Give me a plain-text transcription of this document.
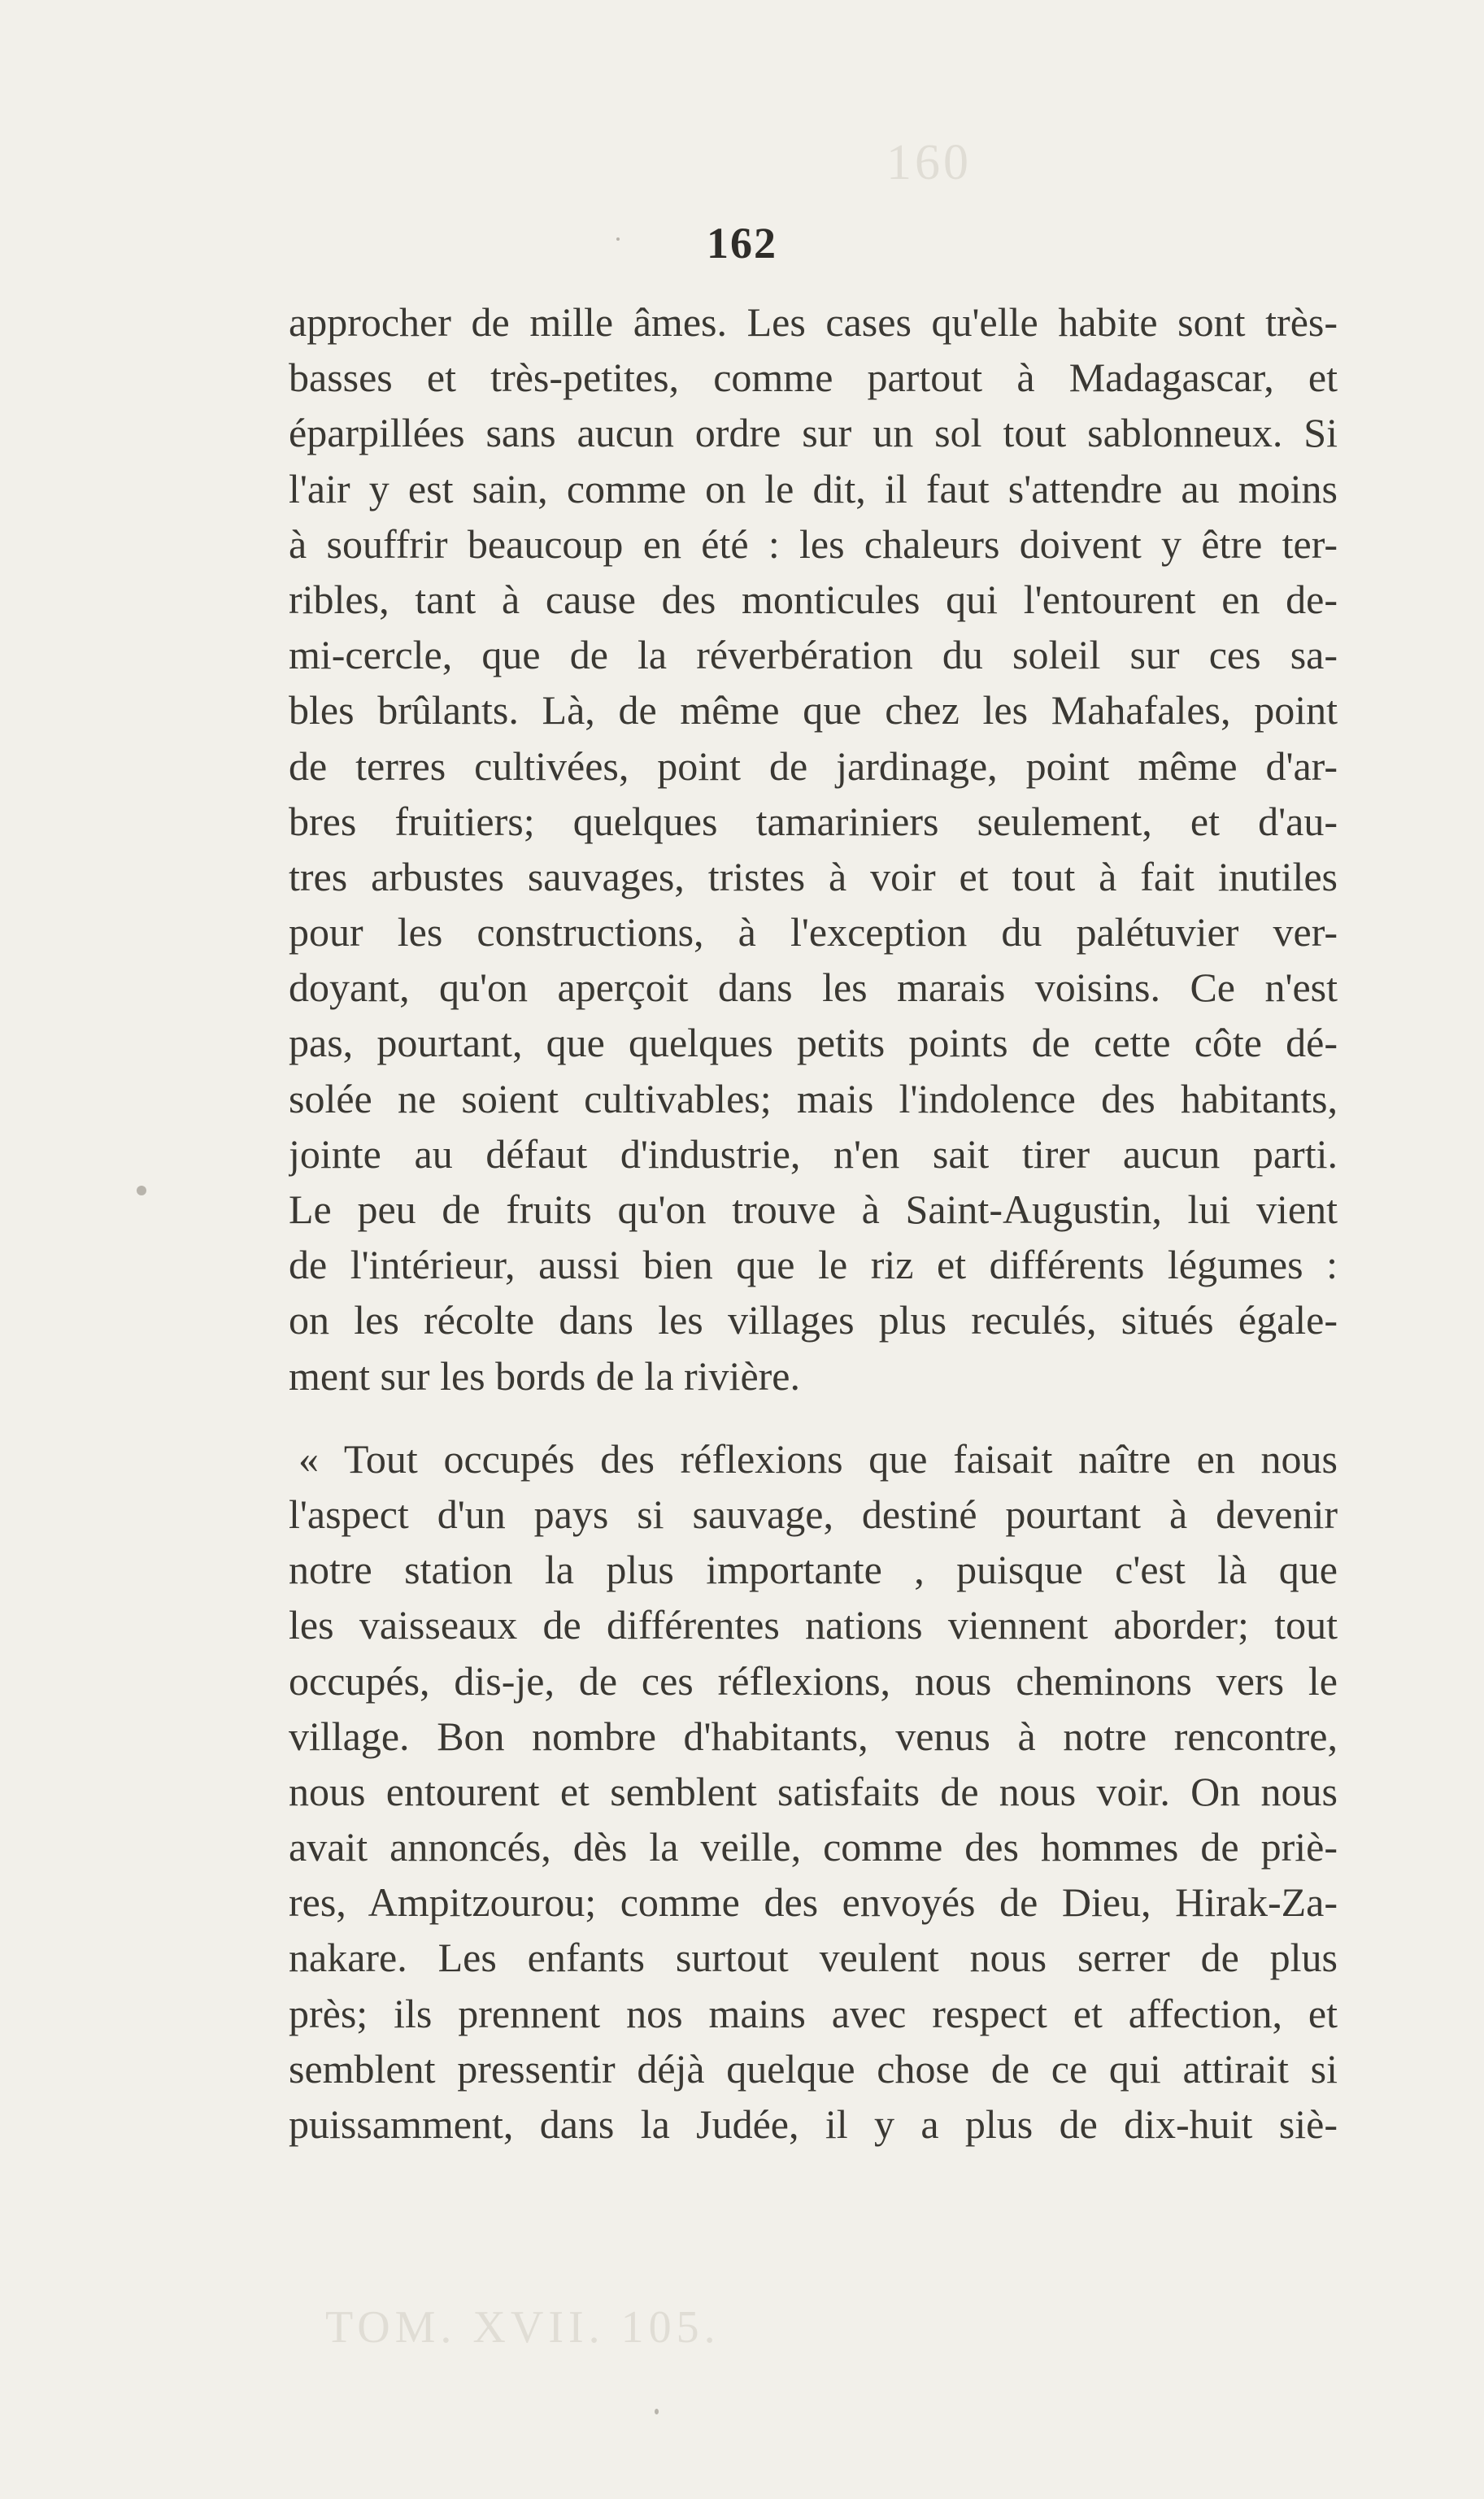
160
TOM. XVII. 105.
162
approcher de mille âmes. Les cases qu'elle habite sont très-
basses et très-petites, comme partout à Madagascar, et
éparpillées sans aucun ordre sur un sol tout sablonneux. Si
l'air y est sain, comme on le dit, il faut s'attendre au moins
à souffrir beaucoup en été : les chaleurs doivent y être ter-
ribles, tant à cause des monticules qui l'entourent en de-
mi-cercle, que de la réverbération du soleil sur ces sa-
bles brûlants. Là, de même que chez les Mahafales, point
de terres cultivées, point de jardinage, point même d'ar-
bres fruitiers; quelques tamariniers seulement, et d'au-
tres arbustes sauvages, tristes à voir et tout à fait inutiles
pour les constructions, à l'exception du palétuvier ver-
doyant, qu'on aperçoit dans les marais voisins. Ce n'est
pas, pourtant, que quelques petits points de cette côte dé-
solée ne soient cultivables; mais l'indolence des habitants,
jointe au défaut d'industrie, n'en sait tirer aucun parti.
Le peu de fruits qu'on trouve à Saint-Augustin, lui vient
de l'intérieur, aussi bien que le riz et différents légumes :
on les récolte dans les villages plus reculés, situés égale-
ment sur les bords de la rivière.
« Tout occupés des réflexions que faisait naître en nous
l'aspect d'un pays si sauvage, destiné pourtant à devenir
notre station la plus importante , puisque c'est là que
les vaisseaux de différentes nations viennent aborder; tout
occupés, dis-je, de ces réflexions, nous cheminons vers le
village. Bon nombre d'habitants, venus à notre rencontre,
nous entourent et semblent satisfaits de nous voir. On nous
avait annoncés, dès la veille, comme des hommes de priè-
res, Ampitzourou; comme des envoyés de Dieu, Hirak-Za-
nakare. Les enfants surtout veulent nous serrer de plus
près; ils prennent nos mains avec respect et affection, et
semblent pressentir déjà quelque chose de ce qui attirait si
puissamment, dans la Judée, il y a plus de dix-huit siè-
